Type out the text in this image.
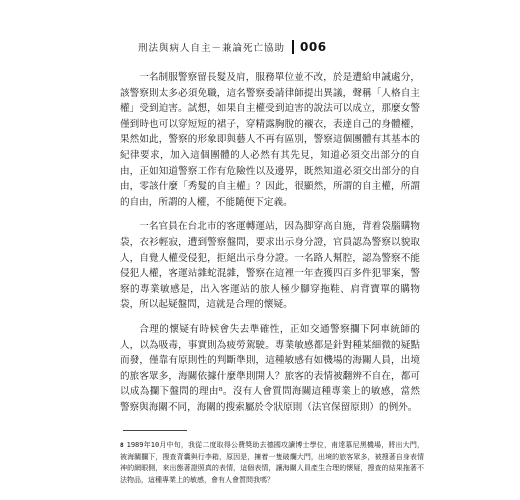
刑法與病人自主－兼論死亡協助 006

一名制服警察留長髮及肩，服務單位並不改，於是遭給申誡處分，該警察則太多必須免職，這名警察委請律師提出異議，聲稱「人格自主權」受到迫害。試想，如果自主權受到迫害的說法可以成立，那麼女警僅到時也可以穿短短的裙子，穿精露胸脫的襯衣，表達自己的身體權，果然如此，警察的形象即與藝人不再有區別，警察這個團體有其基本的紀律要求，加入這個團體的人必然有其先見，知道必須交出部分的自由，正如知道警察工作有危險性以及邊界，既然知道必須交出部分的自由，零該什麼「秀髮的自主權」？因此，很顯然，所謂的自主權，所謂的自由，所謂的人權，不能隨便下定義。

一名官員在台北市的客運轉運站，因為脚穿高自施，背着袋腦購物袋，衣衫輕寂，遭到警察盤問，要求出示身分證，官員認為警察以貌取人，自覺人權受侵犯，拒絕出示身分證。一名路人幫腔，認為警察不能侵犯人權，客運站雜蛇混雜，警察在這裡一年查獲四百多件犯罪案，警察的專業敏感是，出入客運站的旅人極少腳穿拖鞋、肩背寶單的購物袋，所以起疑盤問，這就是合理的懷疑。

合理的懷疑有時候會失去準確性，正如交通警察攔下阿車統師的人，以為吸毒，事實則為疲勞駕駛。專業敏感都是針對種某細微的疑點而發，僅靠有原則性的判斷準則，這種敏感有如機場的海關人員，出境的旅客眾多，海關依據什麼準則開人？旅客的表情被翻辨不自在，都可以成為攔下盤問的理由⁸。沒有人會質問海關這種專業上的敏感，當然警察與海關不同，海關的搜索屬於令狀原則（法官保留原則）的例外。

8 1989年10月中旬，我從二度取得公費獎助去德國攻讀博士學位，甫達慕尼黑機場，將出大門，被海關攔下，搜查背囊與行李箱，原因是，擁着一隻破爛大門，出境的旅客眾多，被搜著自身表情神的網眼側，來出態著證照真的表情，這個表情，讓海關人員產生合理的懷疑，搜查的結果拖著不法物品，這種專業上的敏感，會有人會質問我嗎？
